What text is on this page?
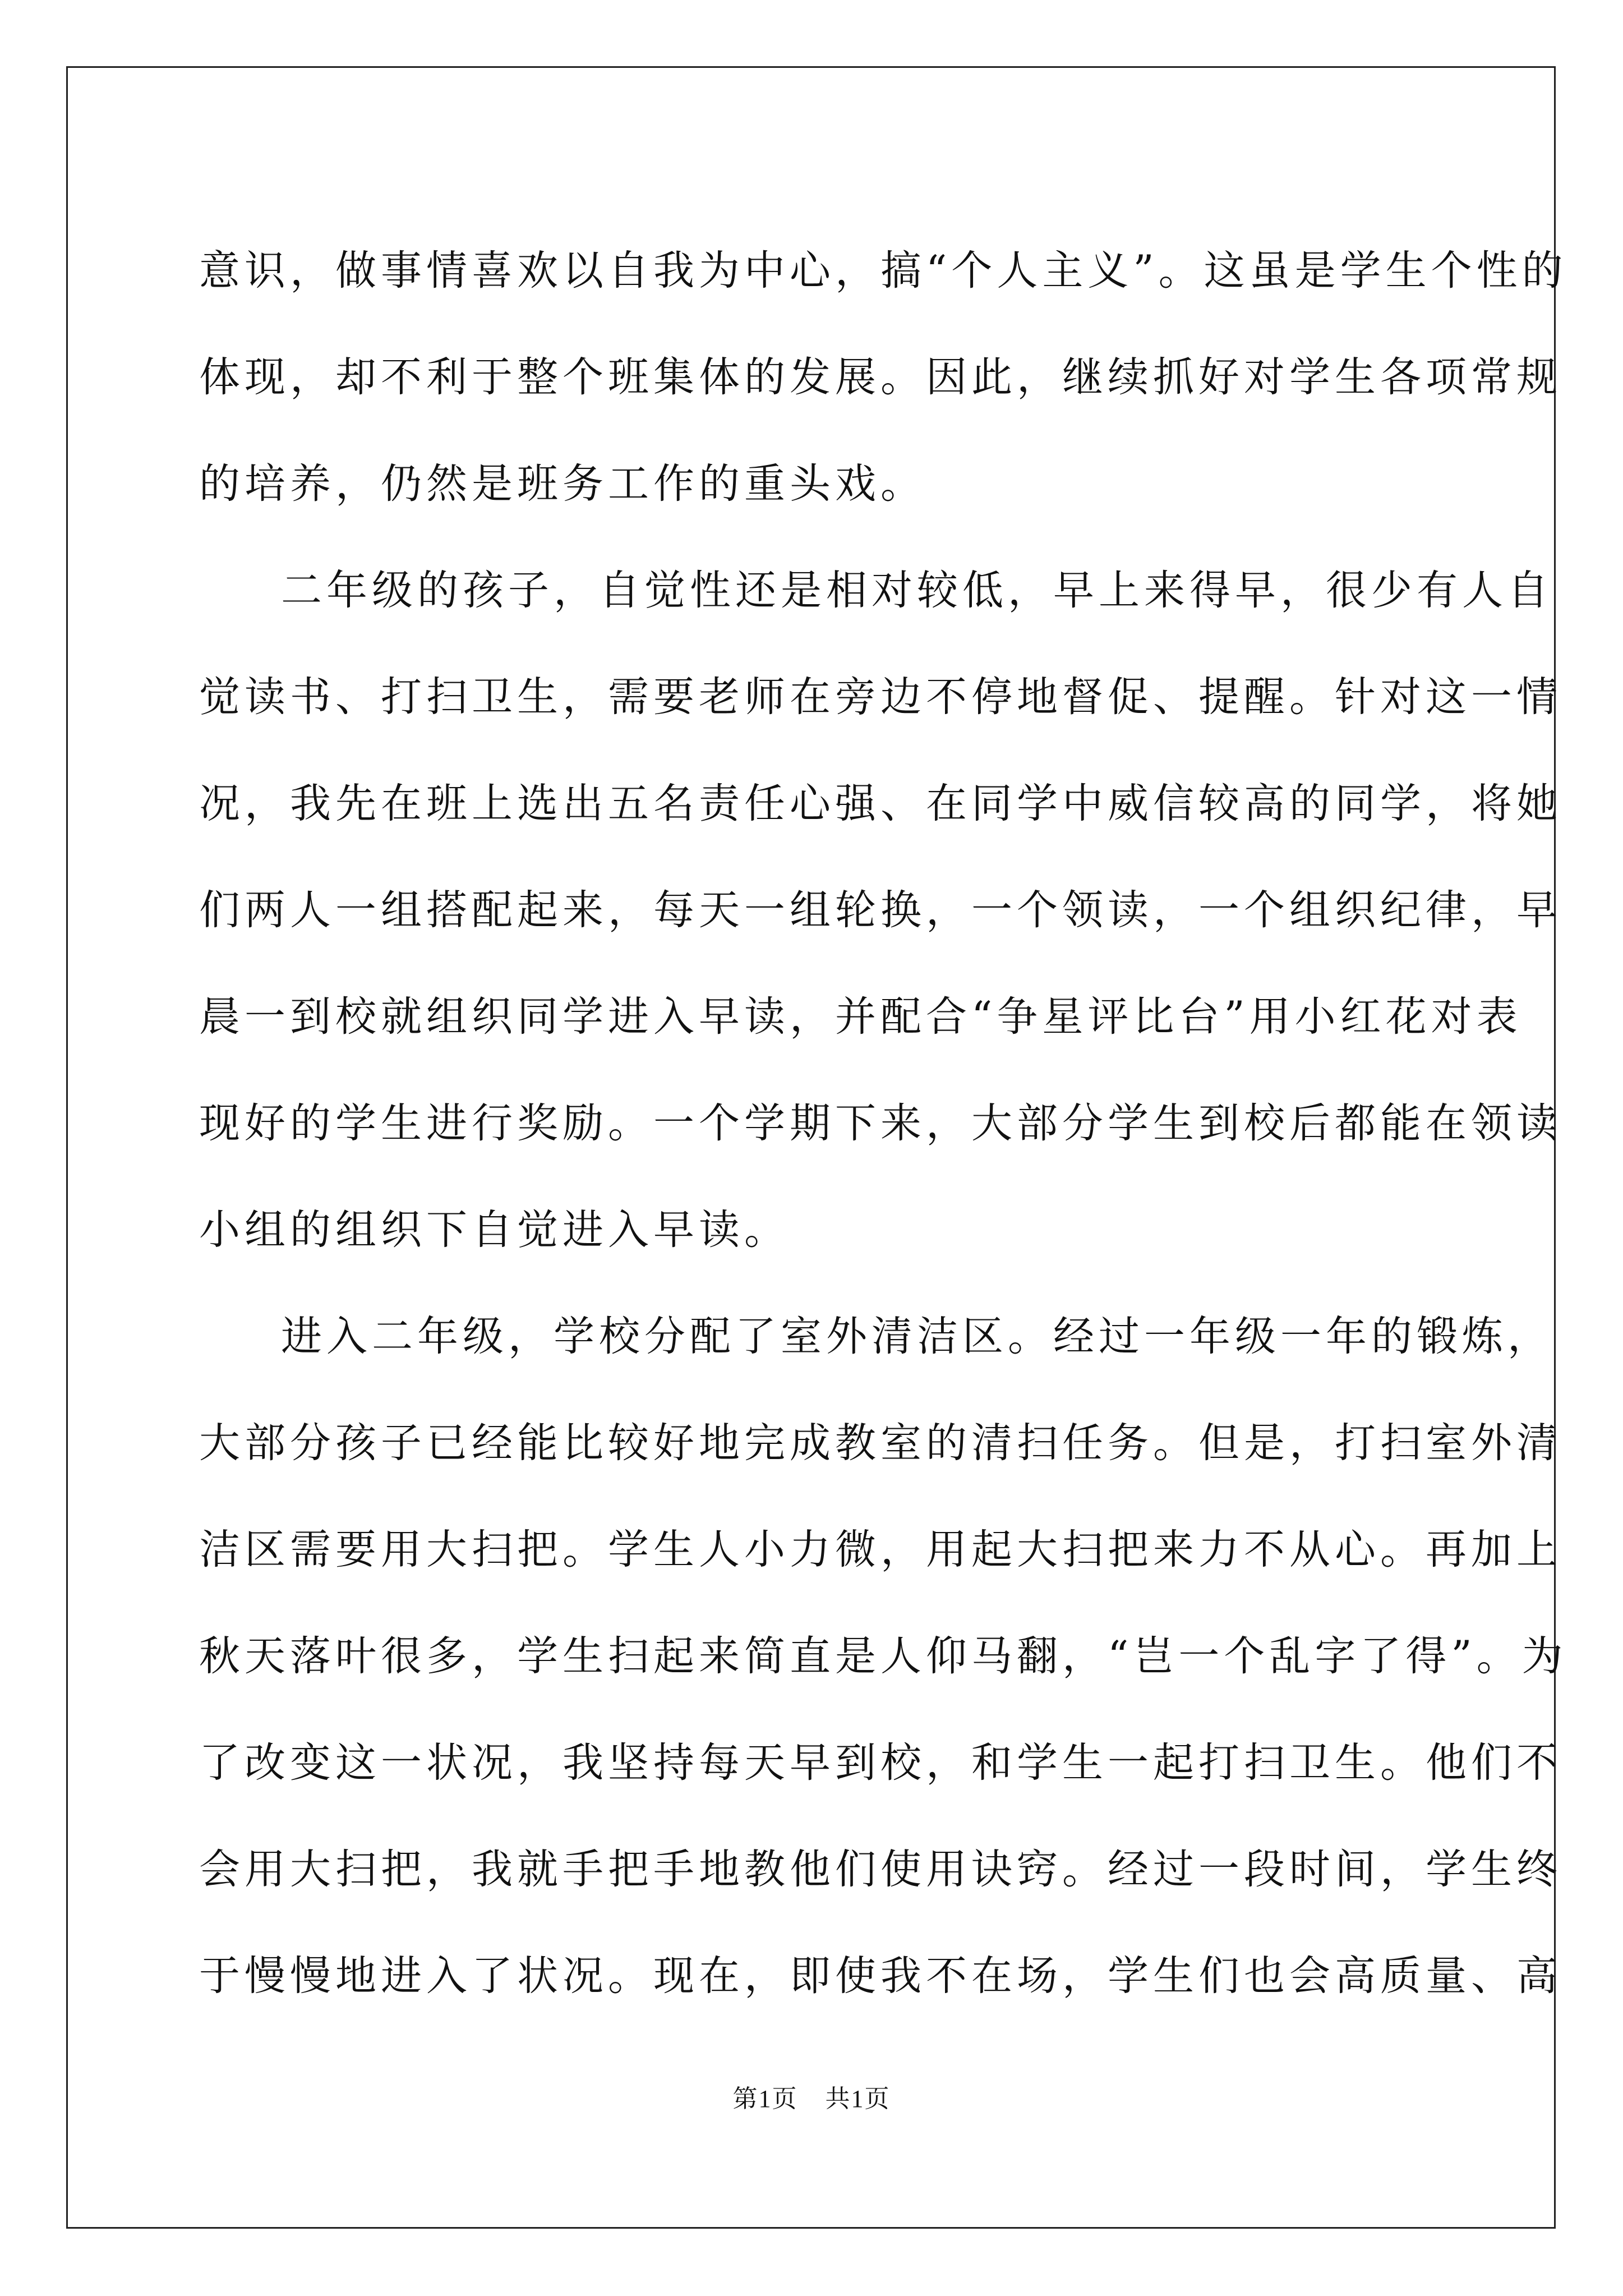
意识，做事情喜欢以自我为中心，搞“个人主义”。这虽是学生个性的
体现，却不利于整个班集体的发展。因此，继续抓好对学生各项常规
的培养，仍然是班务工作的重头戏。
二年级的孩子，自觉性还是相对较低，早上来得早，很少有人自
觉读书、打扫卫生，需要老师在旁边不停地督促、提醒。针对这一情
况，我先在班上选出五名责任心强、在同学中威信较高的同学，将她
们两人一组搭配起来，每天一组轮换，一个领读，一个组织纪律，早
晨一到校就组织同学进入早读，并配合“争星评比台”用小红花对表
现好的学生进行奖励。一个学期下来，大部分学生到校后都能在领读
小组的组织下自觉进入早读。
进入二年级，学校分配了室外清洁区。经过一年级一年的锻炼，
大部分孩子已经能比较好地完成教室的清扫任务。但是，打扫室外清
洁区需要用大扫把。学生人小力微，用起大扫把来力不从心。再加上
秋天落叶很多，学生扫起来简直是人仰马翻，“岂一个乱字了得”。为
了改变这一状况，我坚持每天早到校，和学生一起打扫卫生。他们不
会用大扫把，我就手把手地教他们使用诀窍。经过一段时间，学生终
于慢慢地进入了状况。现在，即使我不在场，学生们也会高质量、高
第1页 共1页
